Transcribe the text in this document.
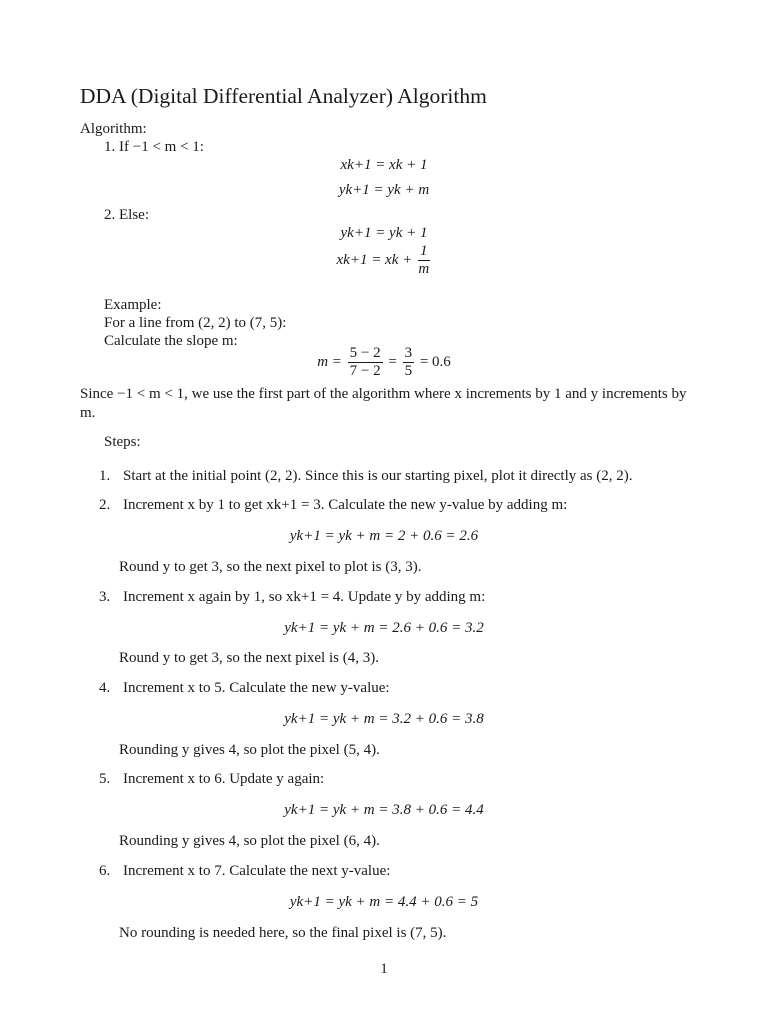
DDA (Digital Differential Analyzer) Algorithm
Algorithm:
1. If −1 < m < 1:
xk+1 = xk + 1
yk+1 = yk + m
2. Else:
yk+1 = yk + 1
xk+1 = xk + $\frac{1}{m}$
Example:
For a line from (2, 2) to (7, 5):
Calculate the slope m:
$m = \frac{5 - 2}{7 - 2} = \frac{3}{5} = 0.6$
Since −1 < m < 1, we use the first part of the algorithm where x increments by 1 and y increments by m.
Steps:
1. Start at the initial point (2, 2). Since this is our starting pixel, plot it directly as (2, 2).
2. Increment x by 1 to get xk+1 = 3. Calculate the new y-value by adding m:
yk+1 = yk + m = 2 + 0.6 = 2.6
Round y to get 3, so the next pixel to plot is (3, 3).
3. Increment x again by 1, so xk+1 = 4. Update y by adding m:
yk+1 = yk + m = 2.6 + 0.6 = 3.2
Round y to get 3, so the next pixel is (4, 3).
4. Increment x to 5. Calculate the new y-value:
yk+1 = yk + m = 3.2 + 0.6 = 3.8
Rounding y gives 4, so plot the pixel (5, 4).
5. Increment x to 6. Update y again:
yk+1 = yk + m = 3.8 + 0.6 = 4.4
Rounding y gives 4, so plot the pixel (6, 4).
6. Increment x to 7. Calculate the next y-value:
yk+1 = yk + m = 4.4 + 0.6 = 5
No rounding is needed here, so the final pixel is (7, 5).
1
